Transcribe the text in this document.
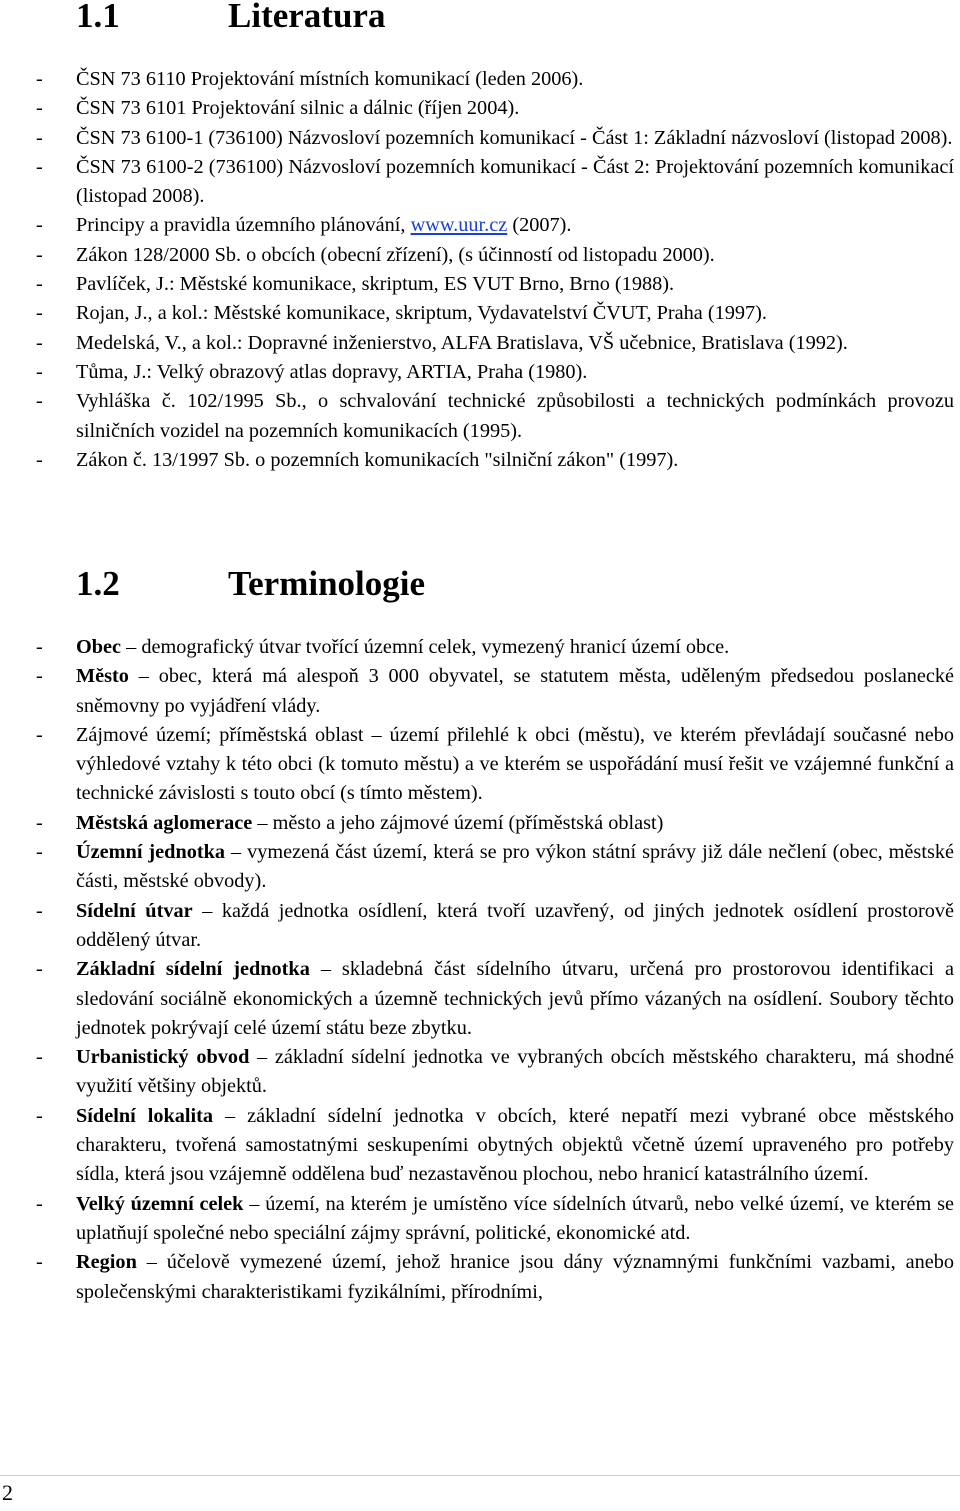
1.1	Literatura
- ČSN 73 6110 Projektování místních komunikací (leden 2006).
- ČSN 73 6101 Projektování silnic a dálnic (říjen 2004).
- ČSN 73 6100-1 (736100) Názvosloví pozemních komunikací - Část 1: Základní názvosloví (listopad 2008).
- ČSN 73 6100-2 (736100) Názvosloví pozemních komunikací - Část 2: Projektování pozemních komunikací (listopad 2008).
- Principy a pravidla územního plánování, www.uur.cz (2007).
- Zákon 128/2000 Sb. o obcích (obecní zřízení), (s účinností od listopadu 2000).
- Pavlíček, J.: Městské komunikace, skriptum, ES VUT Brno, Brno (1988).
- Rojan, J., a kol.: Městské komunikace, skriptum, Vydavatelství ČVUT, Praha (1997).
- Medelská, V., a kol.: Dopravné inženierstvo, ALFA Bratislava, VŠ učebnice, Bratislava (1992).
- Tůma, J.: Velký obrazový atlas dopravy, ARTIA, Praha (1980).
- Vyhláška č. 102/1995 Sb., o schvalování technické způsobilosti a technických podmínkách provozu silničních vozidel na pozemních komunikacích (1995).
- Zákon č. 13/1997 Sb. o pozemních komunikacích "silniční zákon" (1997).
1.2	Terminologie
- Obec – demografický útvar tvořící územní celek, vymezený hranicí území obce.
- Město – obec, která má alespoň 3 000 obyvatel, se statutem města, uděleným předsedou poslanecké sněmovny po vyjádření vlády.
- Zájmové území; příměstská oblast – území přilehlé k obci (městu), ve kterém převládají současné nebo výhledové vztahy k této obci (k tomuto městu) a ve kterém se uspořádání musí řešit ve vzájemné funkční a technické závislosti s touto obcí (s tímto městem).
- Městská aglomerace – město a jeho zájmové území (příměstská oblast)
- Územní jednotka – vymezená část území, která se pro výkon státní správy již dále nečlení (obec, městské části, městské obvody).
- Sídelní útvar – každá jednotka osídlení, která tvoří uzavřený, od jiných jednotek osídlení prostorově oddělený útvar.
- Základní sídelní jednotka – skladebná část sídelního útvaru, určená pro prostorovou identifikaci a sledování sociálně ekonomických a územně technických jevů přímo vázaných na osídlení. Soubory těchto jednotek pokrývají celé území státu beze zbytku.
- Urbanistický obvod – základní sídelní jednotka ve vybraných obcích městského charakteru, má shodné využití většiny objektů.
- Sídelní lokalita – základní sídelní jednotka v obcích, které nepatří mezi vybrané obce městského charakteru, tvořená samostatnými seskupeními obytných objektů včetně území upraveného pro potřeby sídla, která jsou vzájemně oddělena buď nezastavěnou plochou, nebo hranicí katastrálního území.
- Velký územní celek – území, na kterém je umístěno více sídelních útvarů, nebo velké území, ve kterém se uplatňují společné nebo speciální zájmy správní, politické, ekonomické atd.
- Region – účelově vymezené území, jehož hranice jsou dány významnými funkčními vazbami, anebo společenskými charakteristikami fyzikálními, přírodními,
2
